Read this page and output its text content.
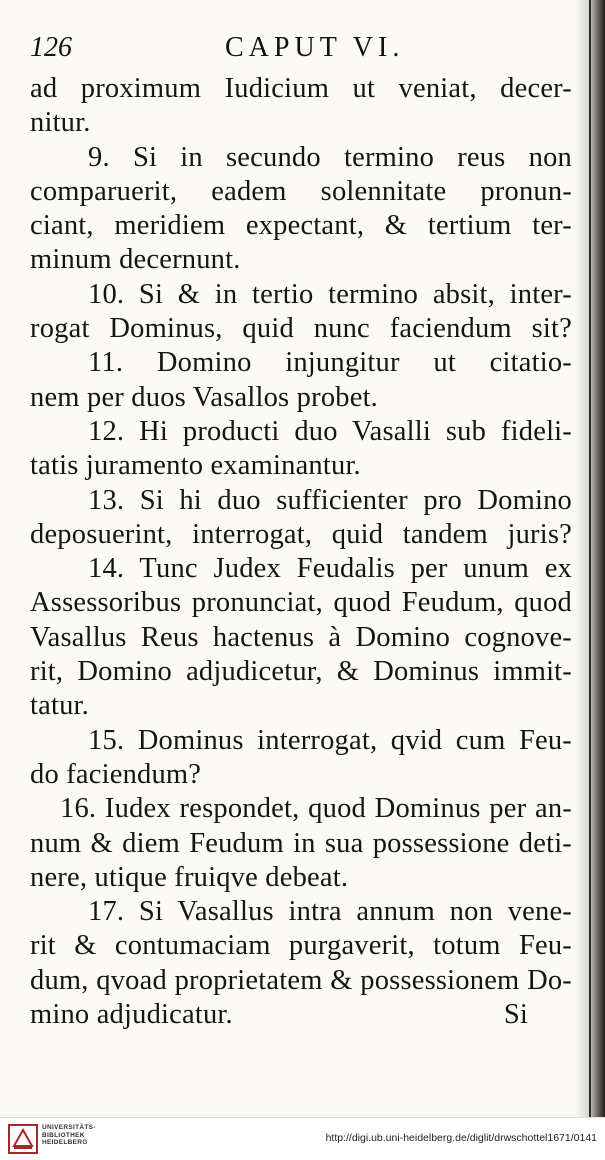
126	CAPUT VI.
ad proximum Iudicium ut veniat, decer-
nitur.
9. Si in secundo termino reus non
comparuerit, eadem solennitate pronun-
ciant, meridiem expectant, & tertium ter-
minum decernunt.
10. Si & in tertio termino absit, inter-
rogat Dominus, quid nunc faciendum sit?
11. Domino injungitur ut citatio-
nem per duos Vasallos probet.
12. Hi producti duo Vasalli sub fideli-
tatis juramento examinantur.
13. Si hi duo sufficienter pro Domino
deposuerint, interrogat, quid tandem juris?
14. Tunc Judex Feudalis per unum ex
Assessoribus pronunciat, quod Feudum, quod
Vasallus Reus hactenus à Domino cognove-
rit, Domino adjudicetur, & Dominus immit-
tatur.
15. Dominus interrogat, qvid cum Feu-
do faciendum?
16. Iudex respondet, quod Dominus per an-
num & diem Feudum in sua possessione deti-
nere, utique fruiqve debeat.
17. Si Vasallus intra annum non vene-
rit & contumaciam purgaverit, totum Feu-
dum, qvoad proprietatem & possessionem Do-
mino adjudicatur.                                     Si
UNIVERSITÄTS-
BIBLIOTHEK
HEIDELBERG	http://digi.ub.uni-heidelberg.de/diglit/drwschottel1671/0141
